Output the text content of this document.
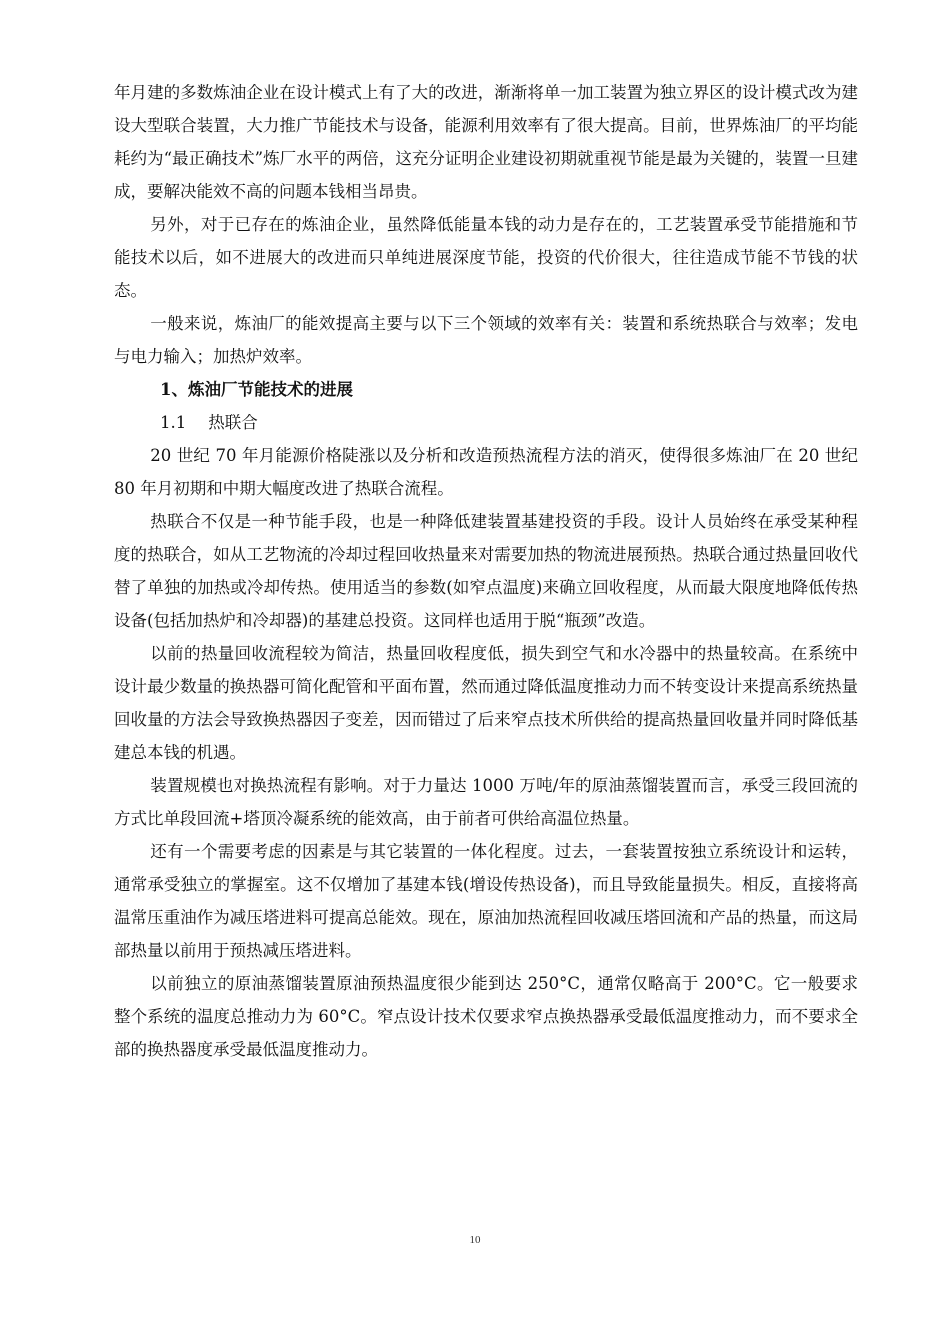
年月建的多数炼油企业在设计模式上有了大的改进，渐渐将单一加工装置为独立界区的设计模式改为建设大型联合装置，大力推广节能技术与设备，能源利用效率有了很大提高。目前，世界炼油厂的平均能耗约为“最正确技术”炼厂水平的两倍，这充分证明企业建设初期就重视节能是最为关键的，装置一旦建成，要解决能效不高的问题本钱相当昂贵。

另外，对于已存在的炼油企业，虽然降低能量本钱的动力是存在的，工艺装置承受节能措施和节能技术以后，如不进展大的改进而只单纯进展深度节能，投资的代价很大，往往造成节能不节钱的状态。

一般来说，炼油厂的能效提高主要与以下三个领域的效率有关：装置和系统热联合与效率；发电与电力输入；加热炉效率。

1、炼油厂节能技术的进展

1.1 热联合

20 世纪 70 年月能源价格陡涨以及分析和改造预热流程方法的消灭，使得很多炼油厂在 20 世纪 80 年月初期和中期大幅度改进了热联合流程。

热联合不仅是一种节能手段，也是一种降低建装置基建投资的手段。设计人员始终在承受某种程度的热联合，如从工艺物流的冷却过程回收热量来对需要加热的物流进展预热。热联合通过热量回收代替了单独的加热或冷却传热。使用适当的参数(如窄点温度)来确立回收程度，从而最大限度地降低传热设备(包括加热炉和冷却器)的基建总投资。这同样也适用于脱“瓶颈”改造。

以前的热量回收流程较为简洁，热量回收程度低，损失到空气和水冷器中的热量较高。在系统中设计最少数量的换热器可简化配管和平面布置，然而通过降低温度推动力而不转变设计来提高系统热量回收量的方法会导致换热器因子变差，因而错过了后来窄点技术所供给的提高热量回收量并同时降低基建总本钱的机遇。

装置规模也对换热流程有影响。对于力量达 1000 万吨/年的原油蒸馏装置而言，承受三段回流的方式比单段回流+塔顶冷凝系统的能效高，由于前者可供给高温位热量。

还有一个需要考虑的因素是与其它装置的一体化程度。过去，一套装置按独立系统设计和运转，通常承受独立的掌握室。这不仅增加了基建本钱(增设传热设备)，而且导致能量损失。相反，直接将高温常压重油作为减压塔进料可提高总能效。现在，原油加热流程回收减压塔回流和产品的热量，而这局部热量以前用于预热减压塔进料。

以前独立的原油蒸馏装置原油预热温度很少能到达 250°C，通常仅略高于 200°C。它一般要求整个系统的温度总推动力为 60°C。窄点设计技术仅要求窄点换热器承受最低温度推动力，而不要求全部的换热器度承受最低温度推动力。

10
